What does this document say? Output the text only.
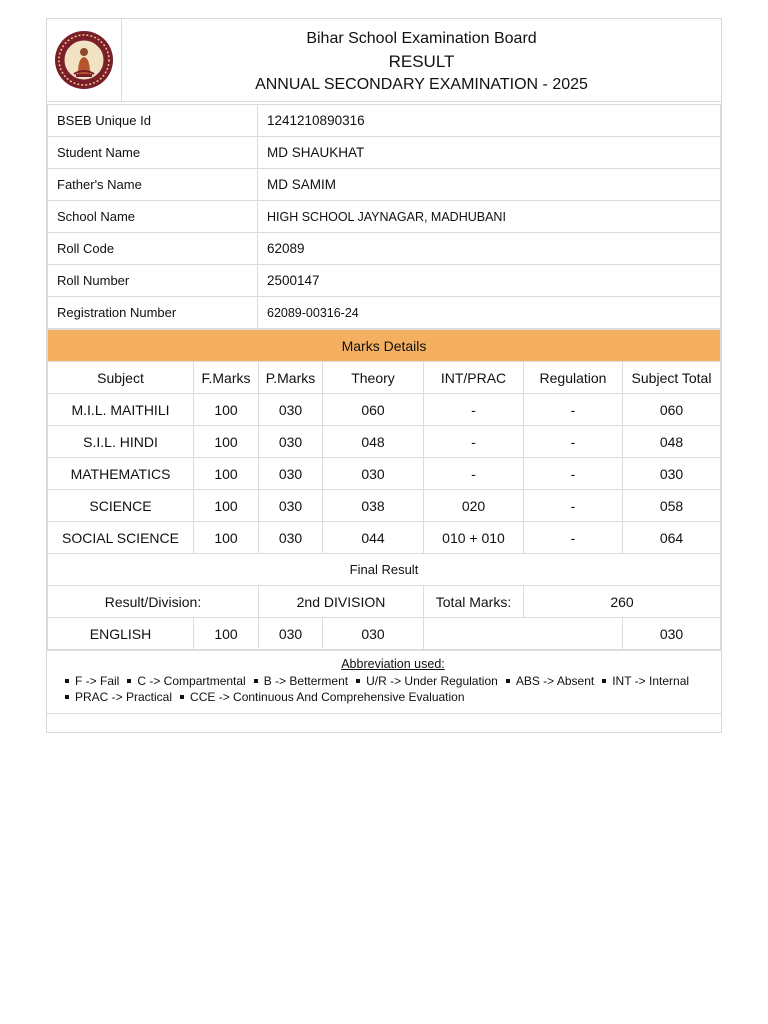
Bihar School Examination Board
RESULT
ANNUAL SECONDARY EXAMINATION - 2025
BSEB Unique Id	1241210890316
Student Name	MD SHAUKHAT
Father's Name	MD SAMIM
School Name	HIGH SCHOOL JAYNAGAR, MADHUBANI
Roll Code	62089
Roll Number	2500147
Registration Number	62089-00316-24
Marks Details						
Subject	F.Marks	P.Marks	Theory	INT/PRAC	Regulation	Subject Total
M.I.L. MAITHILI	100	030	060	-	-	060
S.I.L. HINDI	100	030	048	-	-	048
MATHEMATICS	100	030	030	-	-	030
SCIENCE	100	030	038	020	-	058
SOCIAL SCIENCE	100	030	044	010 + 010	-	064
Final Result						
Result/Division:		2nd DIVISION		Total Marks:	260	
ENGLISH	100	030	030			030
Abbreviation used:
F -> Fail C -> Compartmental B -> Betterment U/R -> Under Regulation ABS -> Absent INT -> Internal
PRAC -> Practical CCE -> Continuous And Comprehensive Evaluation
